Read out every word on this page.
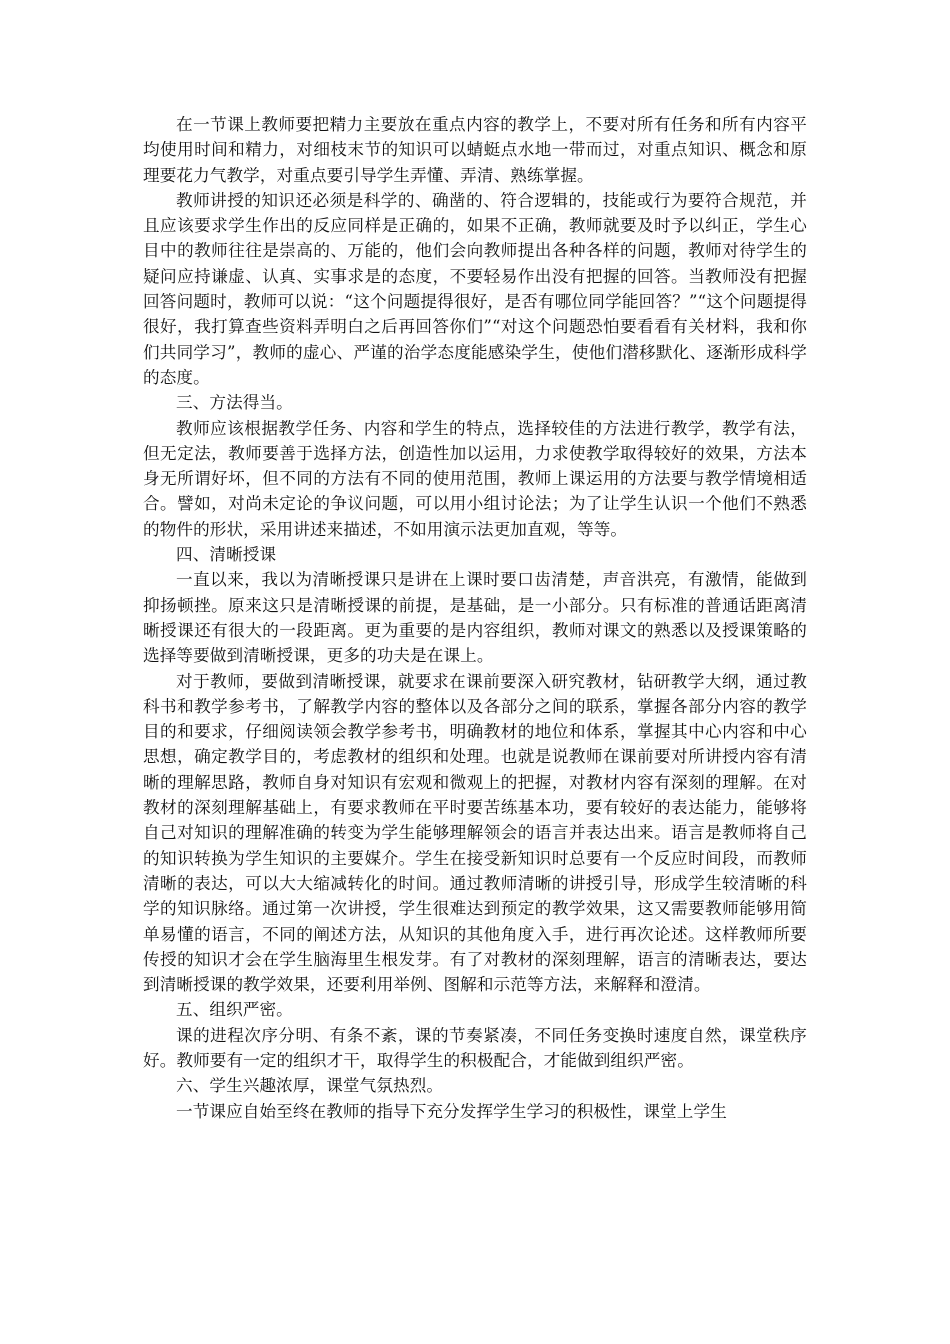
在一节课上教师要把精力主要放在重点内容的教学上，不要对所有任务和所有内容平均使用时间和精力，对细枝末节的知识可以蜻蜓点水地一带而过，对重点知识、概念和原理要花力气教学，对重点要引导学生弄懂、弄清、熟练掌握。

教师讲授的知识还必须是科学的、确凿的、符合逻辑的，技能或行为要符合规范，并且应该要求学生作出的反应同样是正确的，如果不正确，教师就要及时予以纠正，学生心目中的教师往往是崇高的、万能的，他们会向教师提出各种各样的问题，教师对待学生的疑问应持谦虚、认真、实事求是的态度，不要轻易作出没有把握的回答。当教师没有把握回答问题时，教师可以说：“这个问题提得很好，是否有哪位同学能回答？”“这个问题提得很好，我打算查些资料弄明白之后再回答你们”“对这个问题恐怕要看看有关材料，我和你们共同学习”，教师的虚心、严谨的治学态度能感染学生，使他们潜移默化、逐渐形成科学的态度。

三、方法得当。

教师应该根据教学任务、内容和学生的特点，选择较佳的方法进行教学，教学有法，但无定法，教师要善于选择方法，创造性加以运用，力求使教学取得较好的效果，方法本身无所谓好坏，但不同的方法有不同的使用范围，教师上课运用的方法要与教学情境相适合。譬如，对尚未定论的争议问题，可以用小组讨论法；为了让学生认识一个他们不熟悉的物件的形状，采用讲述来描述，不如用演示法更加直观，等等。

四、清晰授课

一直以来，我以为清晰授课只是讲在上课时要口齿清楚，声音洪亮，有激情，能做到抑扬顿挫。原来这只是清晰授课的前提，是基础，是一小部分。只有标准的普通话距离清晰授课还有很大的一段距离。更为重要的是内容组织，教师对课文的熟悉以及授课策略的选择等要做到清晰授课，更多的功夫是在课上。

对于教师，要做到清晰授课，就要求在课前要深入研究教材，钻研教学大纲，通过教科书和教学参考书，了解教学内容的整体以及各部分之间的联系，掌握各部分内容的教学目的和要求，仔细阅读领会教学参考书，明确教材的地位和体系，掌握其中心内容和中心思想，确定教学目的，考虑教材的组织和处理。也就是说教师在课前要对所讲授内容有清晰的理解思路，教师自身对知识有宏观和微观上的把握，对教材内容有深刻的理解。在对教材的深刻理解基础上，有要求教师在平时要苦练基本功，要有较好的表达能力，能够将自己对知识的理解准确的转变为学生能够理解领会的语言并表达出来。语言是教师将自己的知识转换为学生知识的主要媒介。学生在接受新知识时总要有一个反应时间段，而教师清晰的表达，可以大大缩减转化的时间。通过教师清晰的讲授引导，形成学生较清晰的科学的知识脉络。通过第一次讲授，学生很难达到预定的教学效果，这又需要教师能够用简单易懂的语言，不同的阐述方法，从知识的其他角度入手，进行再次论述。这样教师所要传授的知识才会在学生脑海里生根发芽。有了对教材的深刻理解，语言的清晰表达，要达到清晰授课的教学效果，还要利用举例、图解和示范等方法，来解释和澄清。

五、组织严密。

课的进程次序分明、有条不紊，课的节奏紧凑，不同任务变换时速度自然，课堂秩序好。教师要有一定的组织才干，取得学生的积极配合，才能做到组织严密。

六、学生兴趣浓厚，课堂气氛热烈。

一节课应自始至终在教师的指导下充分发挥学生学习的积极性，课堂上学生
